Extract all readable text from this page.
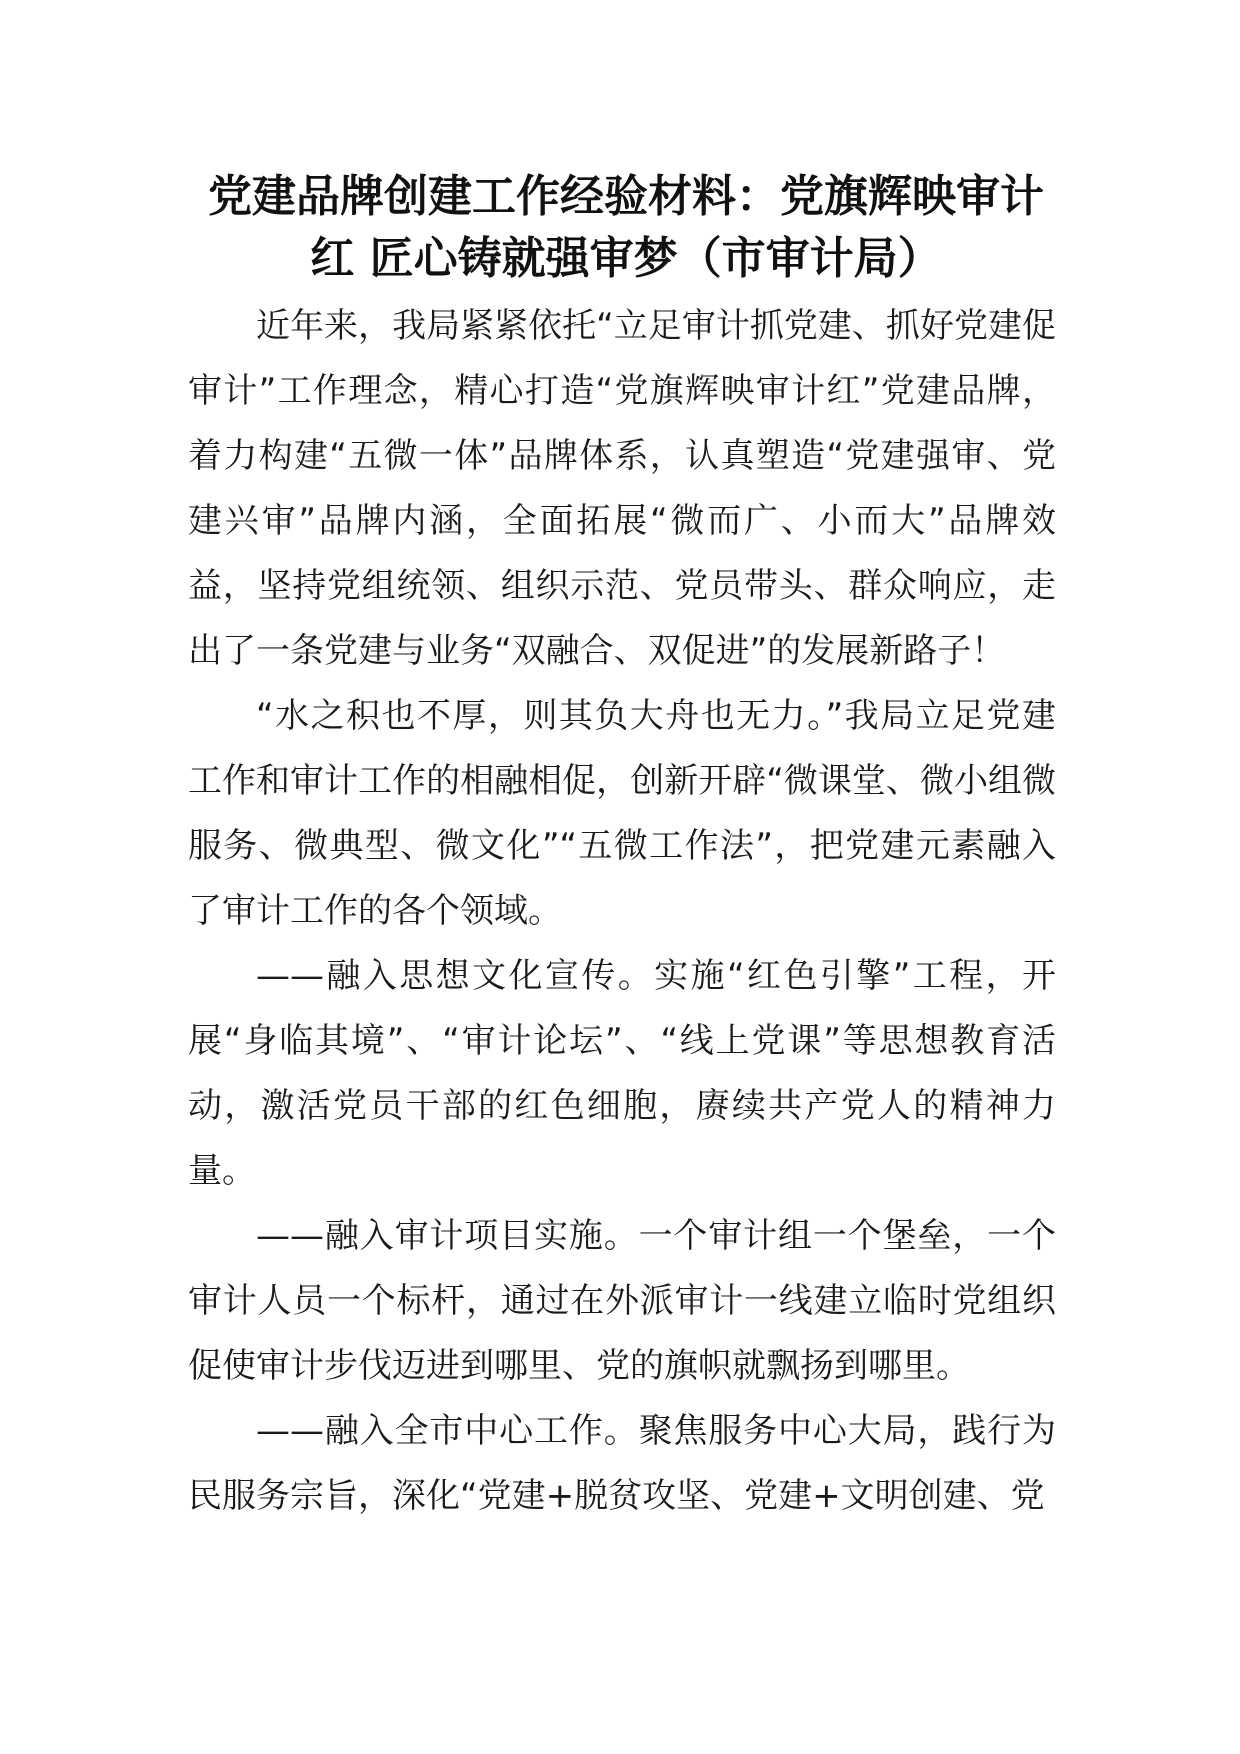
党建品牌创建工作经验材料：党旗辉映审计红 匠心铸就强审梦（市审计局）

近年来，我局紧紧依托“立足审计抓党建、抓好党建促审计”工作理念，精心打造“党旗辉映审计红”党建品牌，着力构建“五微一体”品牌体系，认真塑造“党建强审、党建兴审”品牌内涵，全面拓展“微而广、小而大”品牌效益，坚持党组统领、组织示范、党员带头、群众响应，走出了一条党建与业务“双融合、双促进”的发展新路子！

“水之积也不厚，则其负大舟也无力。”我局立足党建工作和审计工作的相融相促，创新开辟“微课堂、微小组微服务、微典型、微文化”“五微工作法”，把党建元素融入了审计工作的各个领域。

——融入思想文化宣传。实施“红色引擎”工程，开展“身临其境”、“审计论坛”、“线上党课”等思想教育活动，激活党员干部的红色细胞，赓续共产党人的精神力量。

——融入审计项目实施。一个审计组一个堡垒，一个审计人员一个标杆，通过在外派审计一线建立临时党组织促使审计步伐迈进到哪里、党的旗帜就飘扬到哪里。

——融入全市中心工作。聚焦服务中心大局，践行为民服务宗旨，深化“党建+脱贫攻坚、党建+文明创建、党
